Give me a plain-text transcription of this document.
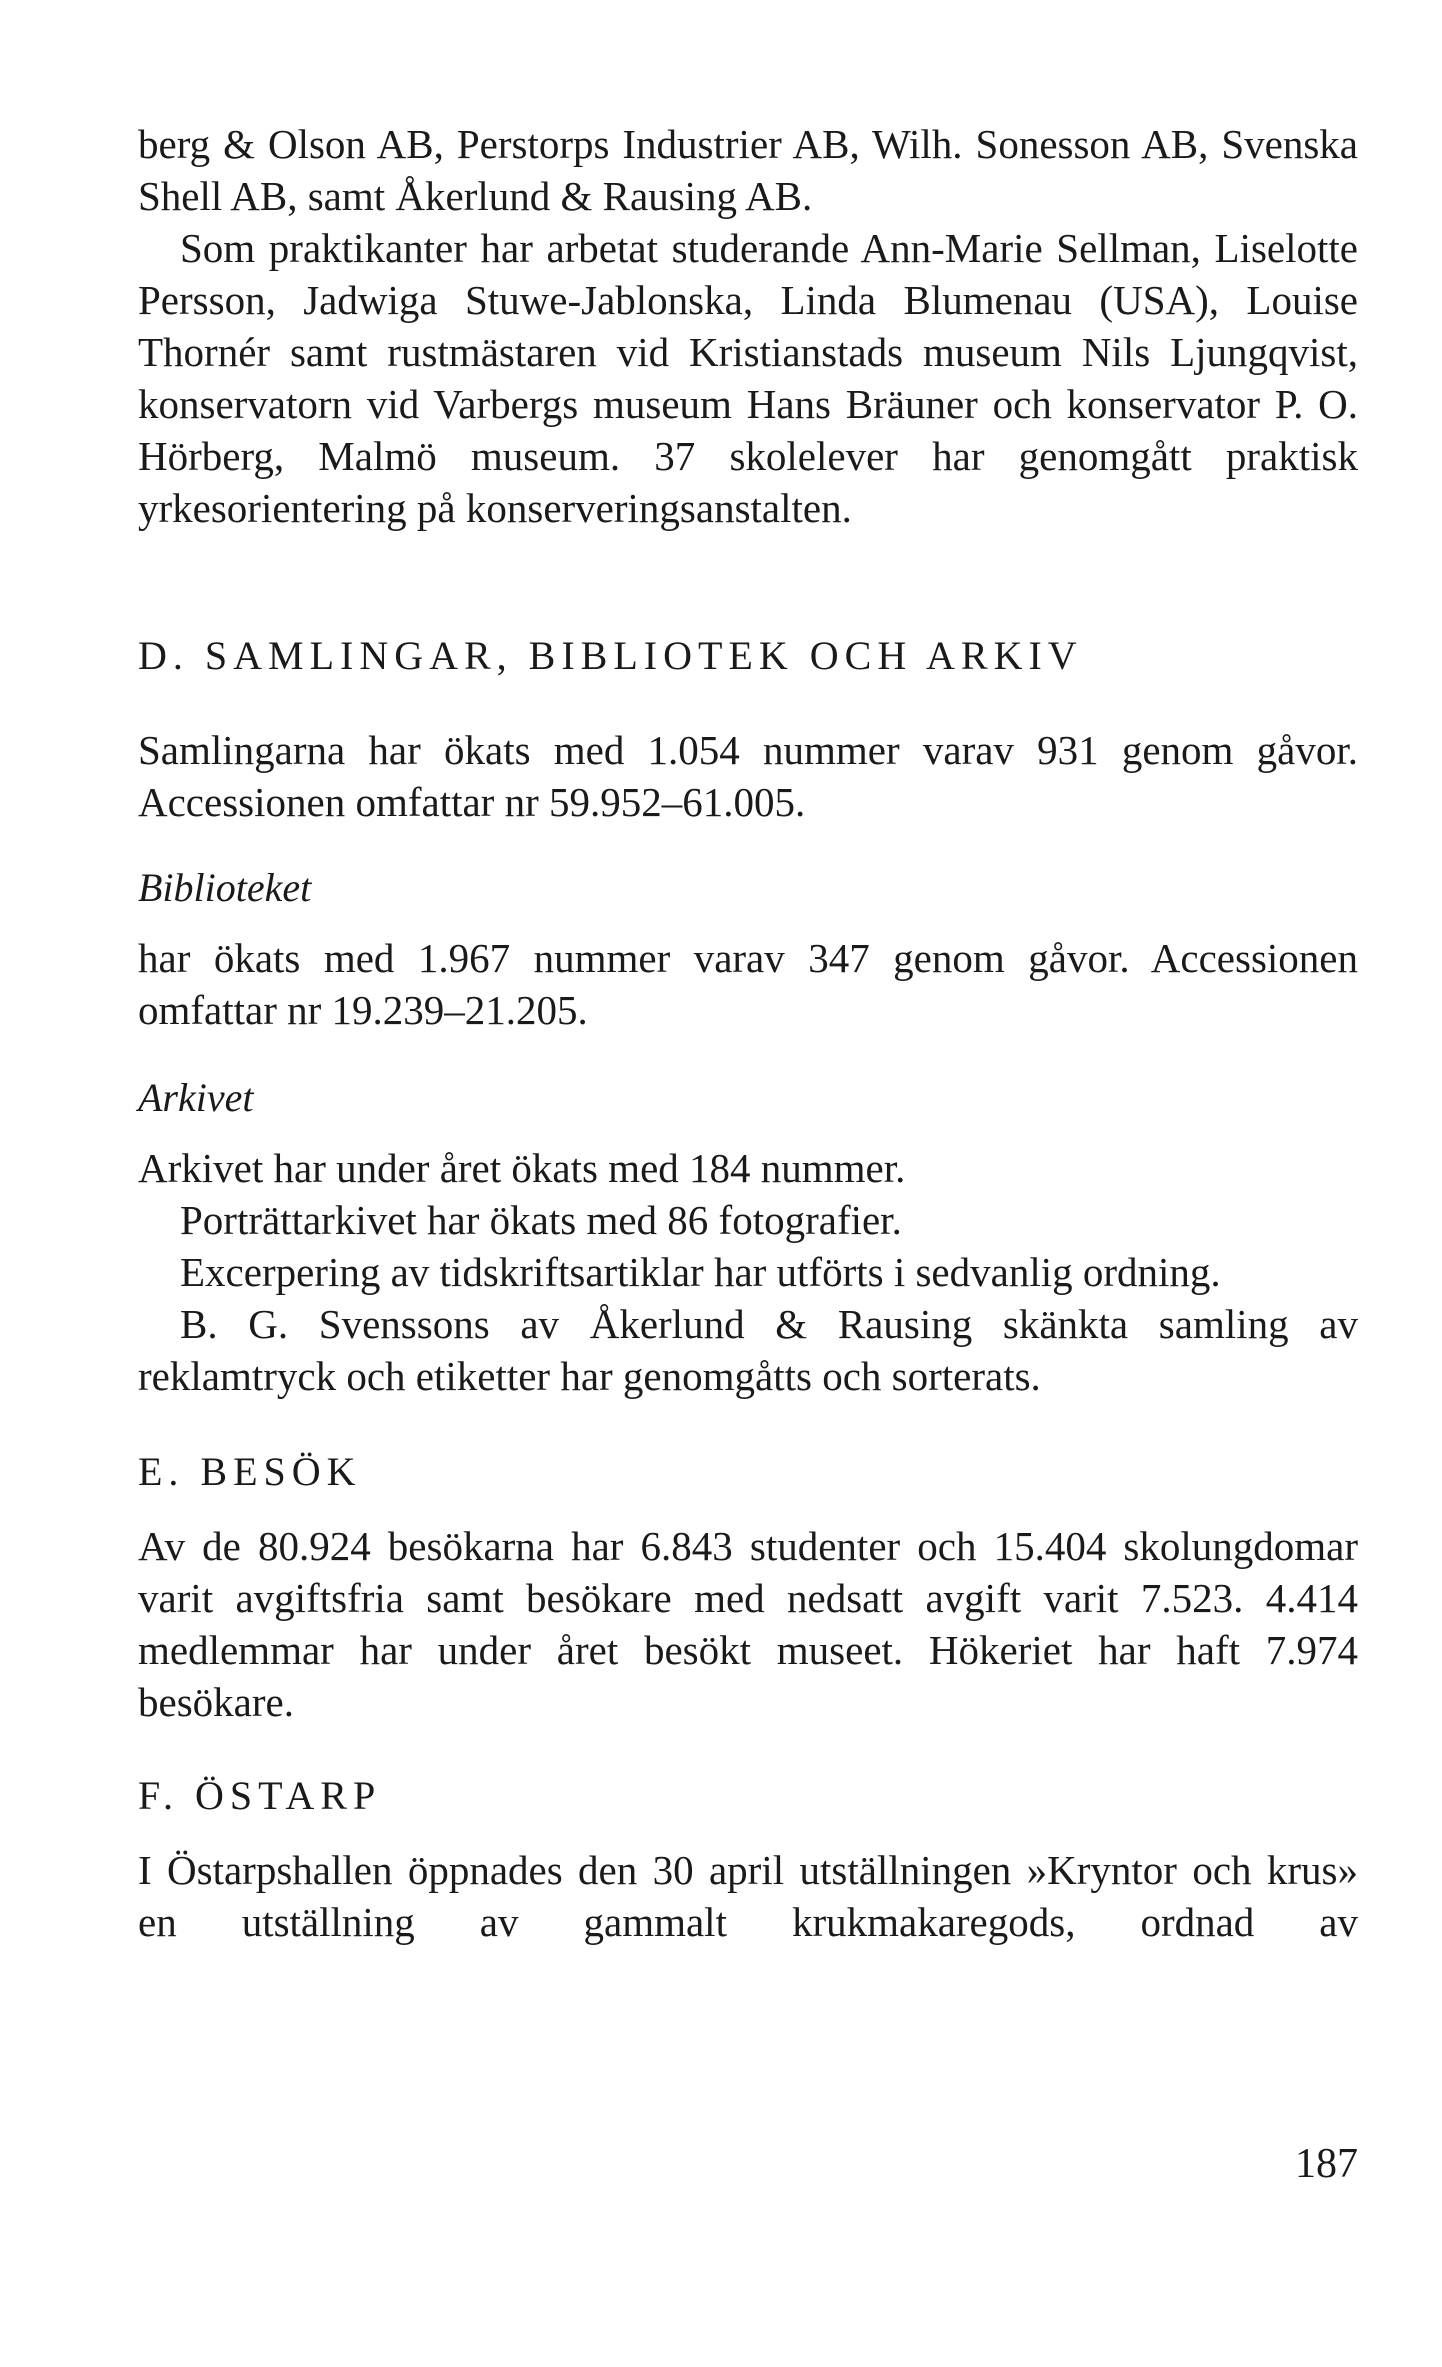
berg & Olson AB, Perstorps Industrier AB, Wilh. Sonesson AB, Svenska Shell AB, samt Åkerlund & Rausing AB.

Som praktikanter har arbetat studerande Ann-Marie Sellman, Liselotte Persson, Jadwiga Stuwe-Jablonska, Linda Blumenau (USA), Louise Thornér samt rustmästaren vid Kristianstads museum Nils Ljungqvist, konservatorn vid Varbergs museum Hans Bräuner och konservator P. O. Hörberg, Malmö museum. 37 skolelever har genomgått praktisk yrkesorientering på konserveringsanstalten.

D. SAMLINGAR, BIBLIOTEK OCH ARKIV

Samlingarna har ökats med 1.054 nummer varav 931 genom gåvor. Accessionen omfattar nr 59.952–61.005.

Biblioteket

har ökats med 1.967 nummer varav 347 genom gåvor. Accessionen omfattar nr 19.239–21.205.

Arkivet

Arkivet har under året ökats med 184 nummer.

Porträttarkivet har ökats med 86 fotografier.

Excerpering av tidskriftsartiklar har utförts i sedvanlig ordning.

B. G. Svenssons av Åkerlund & Rausing skänkta samling av reklamtryck och etiketter har genomgåtts och sorterats.

E. BESÖK

Av de 80.924 besökarna har 6.843 studenter och 15.404 skolungdomar varit avgiftsfria samt besökare med nedsatt avgift varit 7.523. 4.414 medlemmar har under året besökt museet. Hökeriet har haft 7.974 besökare.

F. ÖSTARP

I Östarpshallen öppnades den 30 april utställningen »Kryntor och krus» en utställning av gammalt krukmakaregods, ordnad av

187
